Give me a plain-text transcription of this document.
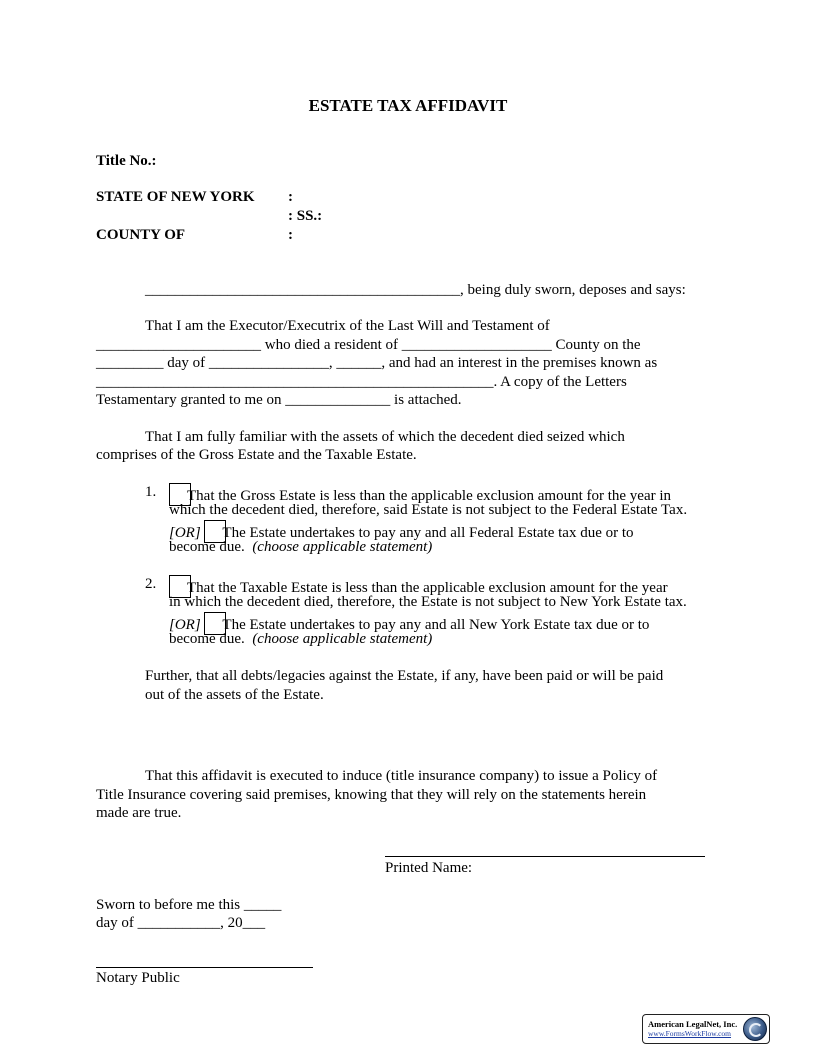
ESTATE TAX AFFIDAVIT
Title No.:
STATE OF NEW YORK :
: SS.:
COUNTY OF	:
__________________________________________, being duly sworn, deposes and says:
That I am the Executor/Executrix of the Last Will and Testament of
______________________ who died a resident of ____________________ County on the
_________ day of ________________, ______, and had an interest in the premises known as
_____________________________________________________. A copy of the Letters
Testamentary granted to me on ______________ is attached.
That I am fully familiar with the assets of which the decedent died seized which
comprises of the Gross Estate and the Taxable Estate.
1.	That the Gross Estate is less than the applicable exclusion amount for the year in
which the decedent died, therefore, said Estate is not subject to the Federal Estate Tax.
[OR] The Estate undertakes to pay any and all Federal Estate tax due or to
become due.  (choose applicable statement)
2.	That the Taxable Estate is less than the applicable exclusion amount for the year
in which the decedent died, therefore, the Estate is not subject to New York Estate tax.
[OR] The Estate undertakes to pay any and all New York Estate tax due or to
become due.  (choose applicable statement)
Further, that all debts/legacies against the Estate, if any, have been paid or will be paid
out of the assets of the Estate.
That this affidavit is executed to induce (title insurance company) to issue a Policy of
Title Insurance covering said premises, knowing that they will rely on the statements herein
made are true.
Printed Name:
Sworn to before me this _____
day of ___________, 20___
Notary Public
American LegalNet, Inc.
www.FormsWorkFlow.com
